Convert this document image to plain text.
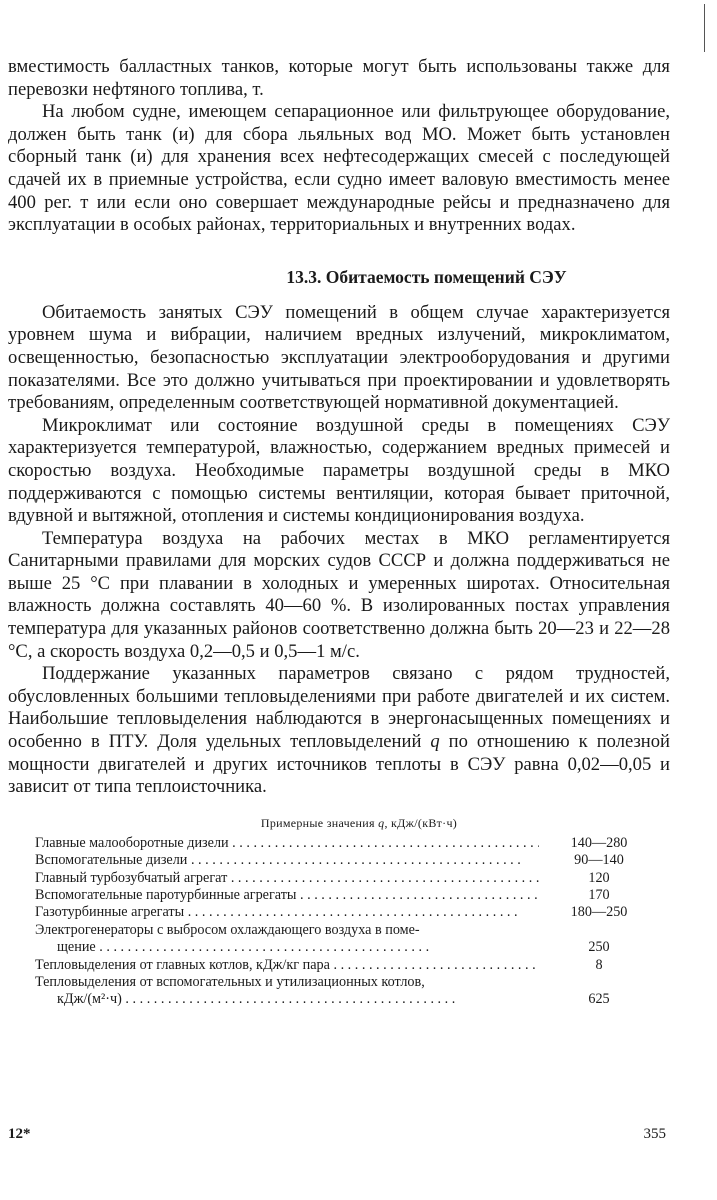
вместимость балластных танков, которые могут быть использованы также для перевозки нефтяного топлива, т.

На любом судне, имеющем сепарационное или фильтрующее оборудование, должен быть танк (и) для сбора льяльных вод МО. Может быть установлен сборный танк (и) для хранения всех нефтесодержащих смесей с последующей сдачей их в приемные устройства, если судно имеет валовую вместимость менее 400 рег. т или если оно совершает международные рейсы и предназначено для эксплуатации в особых районах, территориальных и внутренних водах.

13.3. Обитаемость помещений СЭУ

Обитаемость занятых СЭУ помещений в общем случае характеризуется уровнем шума и вибрации, наличием вредных излучений, микроклиматом, освещенностью, безопасностью эксплуатации электрооборудования и другими показателями. Все это должно учитываться при проектировании и удовлетворять требованиям, определенным соответствующей нормативной документацией.

Микроклимат или состояние воздушной среды в помещениях СЭУ характеризуется температурой, влажностью, содержанием вредных примесей и скоростью воздуха. Необходимые параметры воздушной среды в МКО поддерживаются с помощью системы вентиляции, которая бывает приточной, вдувной и вытяжной, отопления и системы кондиционирования воздуха.

Температура воздуха на рабочих местах в МКО регламентируется Санитарными правилами для морских судов СССР и должна поддерживаться не выше 25 °С при плавании в холодных и умеренных широтах. Относительная влажность должна составлять 40—60 %. В изолированных постах управления температура для указанных районов соответственно должна быть 20—23 и 22—28 °С, а скорость воздуха 0,2—0,5 и 0,5—1 м/с.

Поддержание указанных параметров связано с рядом трудностей, обусловленных большими тепловыделениями при работе двигателей и их систем. Наибольшие тепловыделения наблюдаются в энергонасыщенных помещениях и особенно в ПТУ. Доля удельных тепловыделений q по отношению к полезной мощности двигателей и других источников теплоты в СЭУ равна 0,02—0,05 и зависит от типа теплоисточника.

Примерные значения q, кДж/(кВт·ч)
Главные малооборотные дизели . . .	140—280
Вспомогательные дизели . . .	90—140
Главный турбозубчатый агрегат . . .	120
Вспомогательные паротурбинные агрегаты . . .	170
Газотурбинные агрегаты . . .	180—250
Электрогенераторы с выбросом охлаждающего воздуха в поме-
щение . . .	250
Тепловыделения от главных котлов, кДж/кг пара . . .	8
Тепловыделения от вспомогательных и утилизационных котлов,
кДж/(м²·ч) . . .	625
12*	355
